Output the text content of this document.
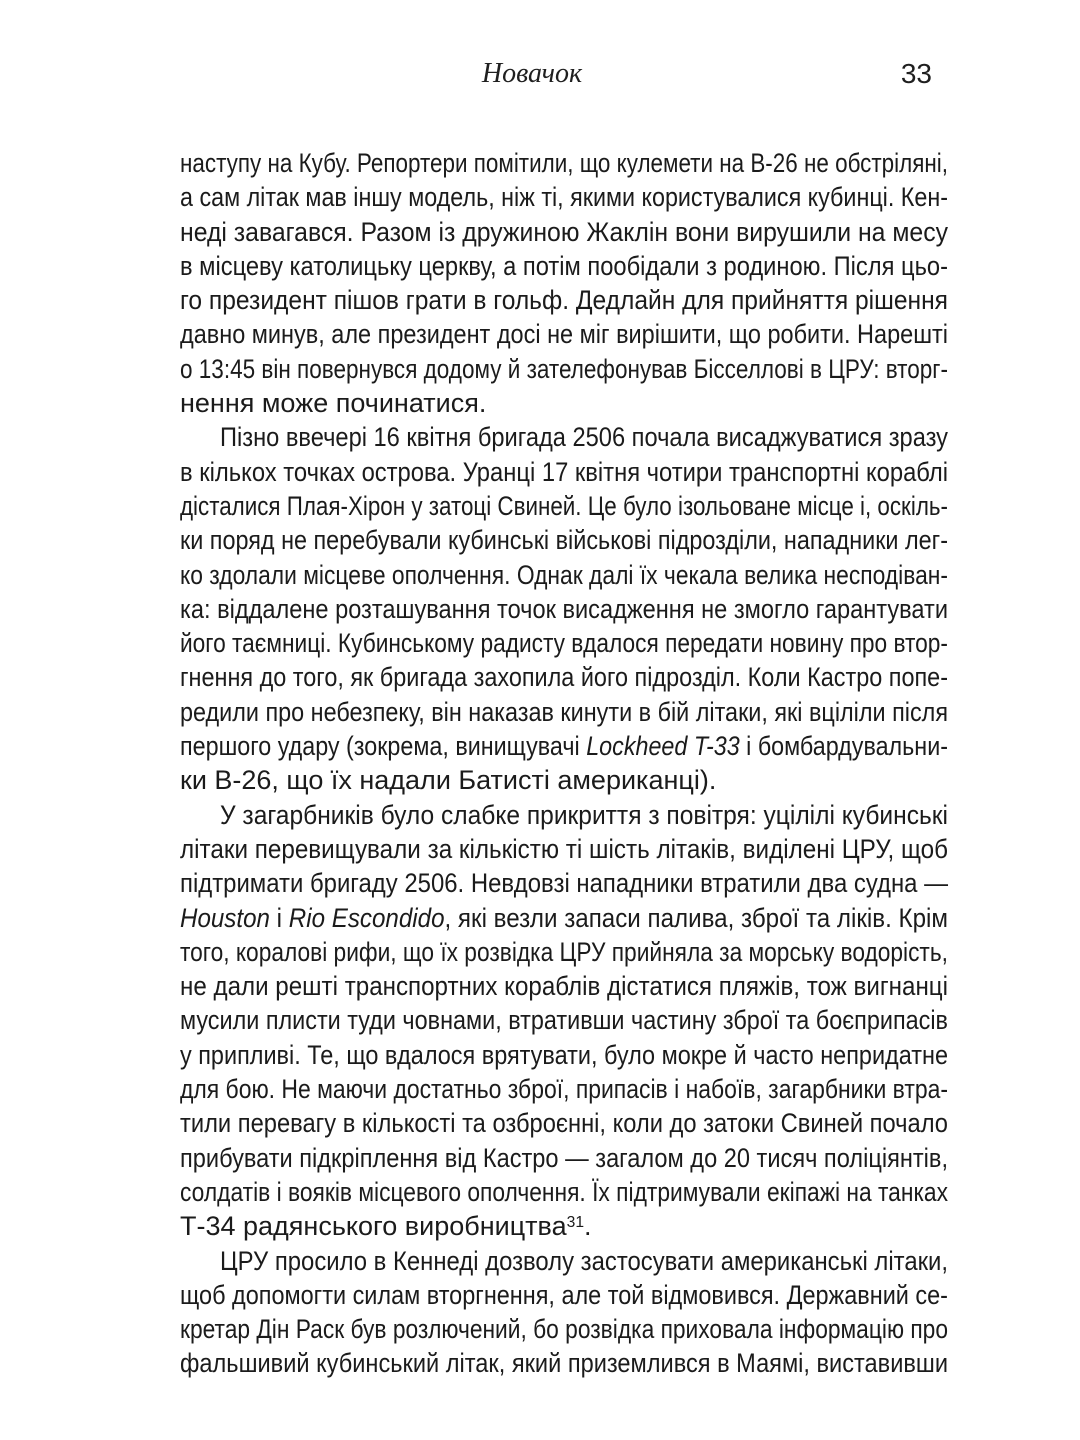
Новачок	33
наступу на Кубу. Репортери помітили, що кулемети на В-26 не обстріляні,
а сам літак мав іншу модель, ніж ті, якими користувалися кубинці. Кен-
неді завагався. Разом із дружиною Жаклін вони вирушили на месу
в місцеву католицьку церкву, а потім пообідали з родиною. Після цьо-
го президент пішов грати в гольф. Дедлайн для прийняття рішення
давно минув, але президент досі не міг вирішити, що робити. Нарешті
о 13:45 він повернувся додому й зателефонував Бісселлові в ЦРУ: вторг-
нення може починатися.
Пізно ввечері 16 квітня бригада 2506 почала висаджуватися зразу
в кількох точках острова. Уранці 17 квітня чотири транспортні кораблі
дісталися Плая-Хірон у затоці Свиней. Це було ізольоване місце і, оскіль-
ки поряд не перебували кубинські військові підрозділи, нападники лег-
ко здолали місцеве ополчення. Однак далі їх чекала велика несподіван-
ка: віддалене розташування точок висадження не змогло гарантувати
його таємниці. Кубинському радисту вдалося передати новину про втор-
гнення до того, як бригада захопила його підрозділ. Коли Кастро попе-
редили про небезпеку, він наказав кинути в бій літаки, які вціліли після
першого удару (зокрема, винищувачі Lockheed T-33 і бомбардувальни-
ки В-26, що їх надали Батисті американці).
У загарбників було слабке прикриття з повітря: уцілілі кубинські
літаки перевищували за кількістю ті шість літаків, виділені ЦРУ, щоб
підтримати бригаду 2506. Невдовзі нападники втратили два судна —
Houston і Rio Escondido, які везли запаси палива, зброї та ліків. Крім
того, коралові рифи, що їх розвідка ЦРУ прийняла за морську водорість,
не дали решті транспортних кораблів дістатися пляжів, тож вигнанці
мусили плисти туди човнами, втративши частину зброї та боєприпасів
у припливі. Те, що вдалося врятувати, було мокре й часто непридатне
для бою. Не маючи достатньо зброї, припасів і набоїв, загарбники втра-
тили перевагу в кількості та озброєнні, коли до затоки Свиней почало
прибувати підкріплення від Кастро — загалом до 20 тисяч поліціянтів,
солдатів і вояків місцевого ополчення. Їх підтримували екіпажі на танках
Т-34 радянського виробництва$^{31}$.
ЦРУ просило в Кеннеді дозволу застосувати американські літаки,
щоб допомогти силам вторгнення, але той відмовився. Державний се-
кретар Дін Раск був розлючений, бо розвідка приховала інформацію про
фальшивий кубинський літак, який приземлився в Маямі, виставивши
